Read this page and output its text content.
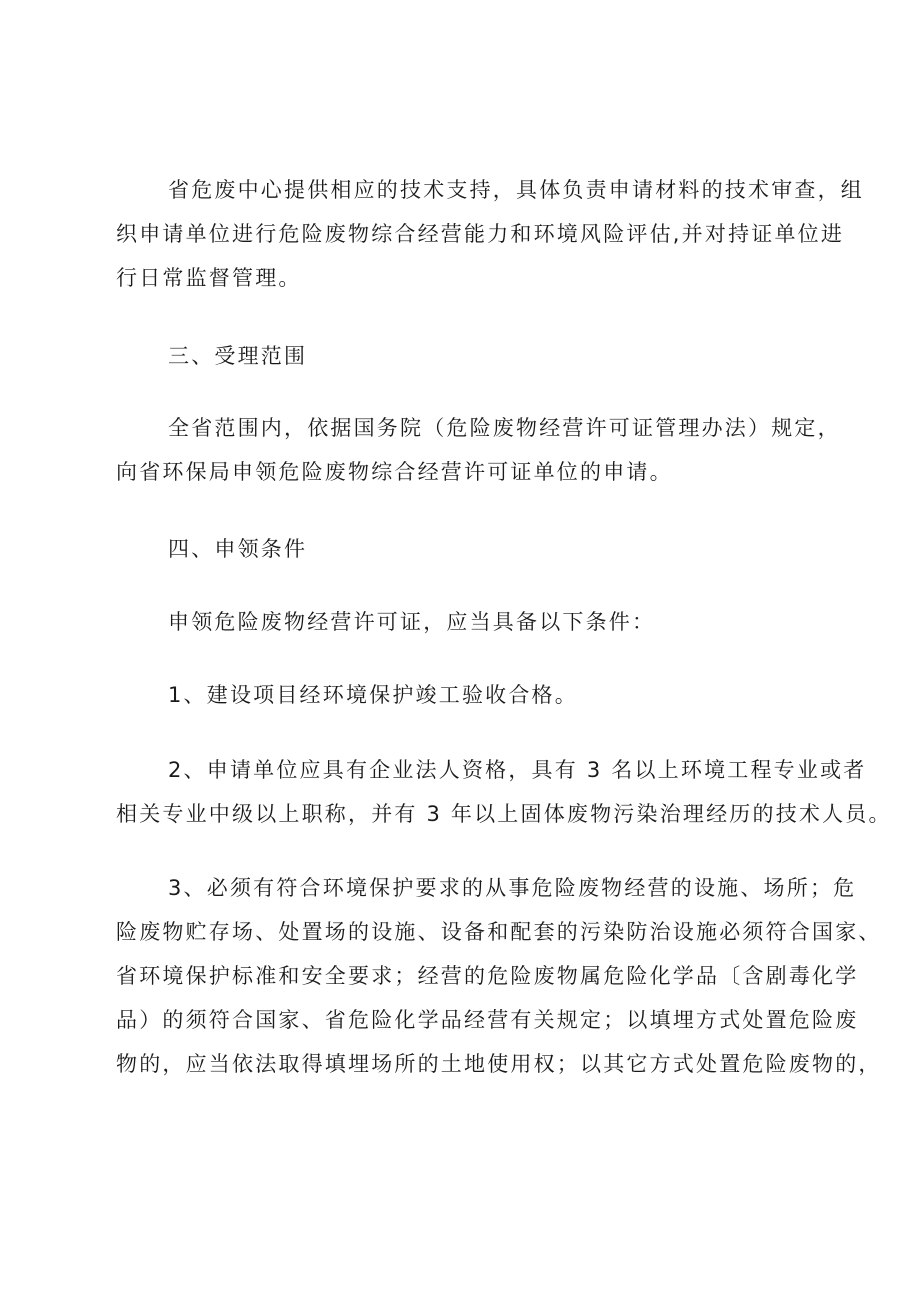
省危废中心提供相应的技术支持，具体负责申请材料的技术审查，组
织申请单位进行危险废物综合经营能力和环境风险评估,并对持证单位进
行日常监督管理。
三、受理范围
全省范围内，依据国务院（危险废物经营许可证管理办法）规定，
向省环保局申领危险废物综合经营许可证单位的申请。
四、申领条件
申领危险废物经营许可证，应当具备以下条件：
1、建设项目经环境保护竣工验收合格。
2、申请单位应具有企业法人资格，具有 3 名以上环境工程专业或者
相关专业中级以上职称，并有 3 年以上固体废物污染治理经历的技术人员。
3、必须有符合环境保护要求的从事危险废物经营的设施、场所；危
险废物贮存场、处置场的设施、设备和配套的污染防治设施必须符合国家、
省环境保护标准和安全要求；经营的危险废物属危险化学品〔含剧毒化学
品）的须符合国家、省危险化学品经营有关规定；以填埋方式处置危险废
物的，应当依法取得填埋场所的土地使用权；以其它方式处置危险废物的，
